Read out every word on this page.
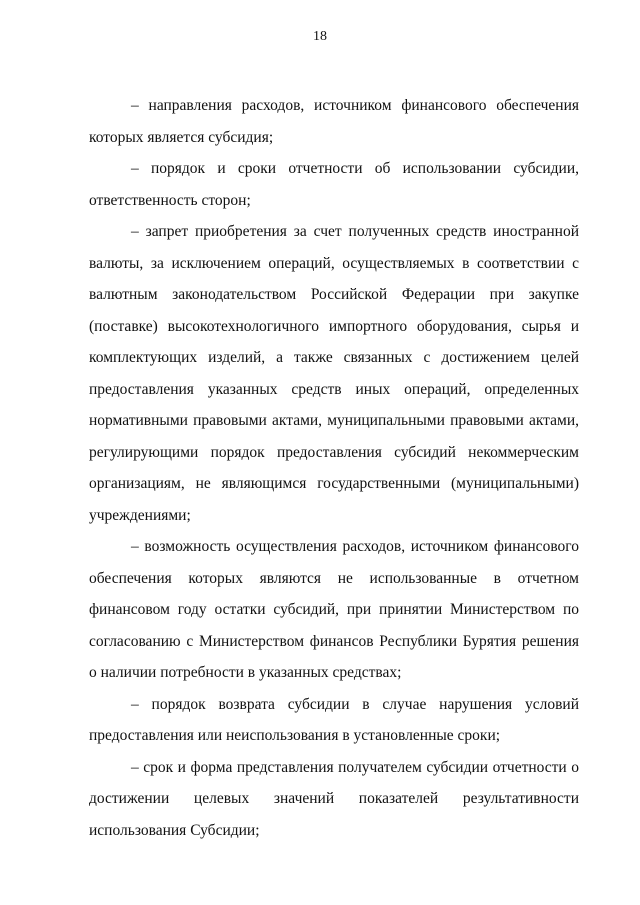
18

– направления расходов, источником финансового обеспечения которых является субсидия;

– порядок и сроки отчетности об использовании субсидии, ответственность сторон;

– запрет приобретения за счет полученных средств иностранной валюты, за исключением операций, осуществляемых в соответствии с валютным законодательством Российской Федерации при закупке (поставке) высокотехнологичного импортного оборудования, сырья и комплектующих изделий, а также связанных с достижением целей предоставления указанных средств иных операций, определенных нормативными правовыми актами, муниципальными правовыми актами, регулирующими порядок предоставления субсидий некоммерческим организациям, не являющимся государственными (муниципальными) учреждениями;

– возможность осуществления расходов, источником финансового обеспечения которых являются не использованные в отчетном финансовом году остатки субсидий, при принятии Министерством по согласованию с Министерством финансов Республики Бурятия решения о наличии потребности в указанных средствах;

– порядок возврата субсидии в случае нарушения условий предоставления или неиспользования в установленные сроки;

– срок и форма представления получателем субсидии отчетности о достижении целевых значений показателей результативности использования Субсидии;
